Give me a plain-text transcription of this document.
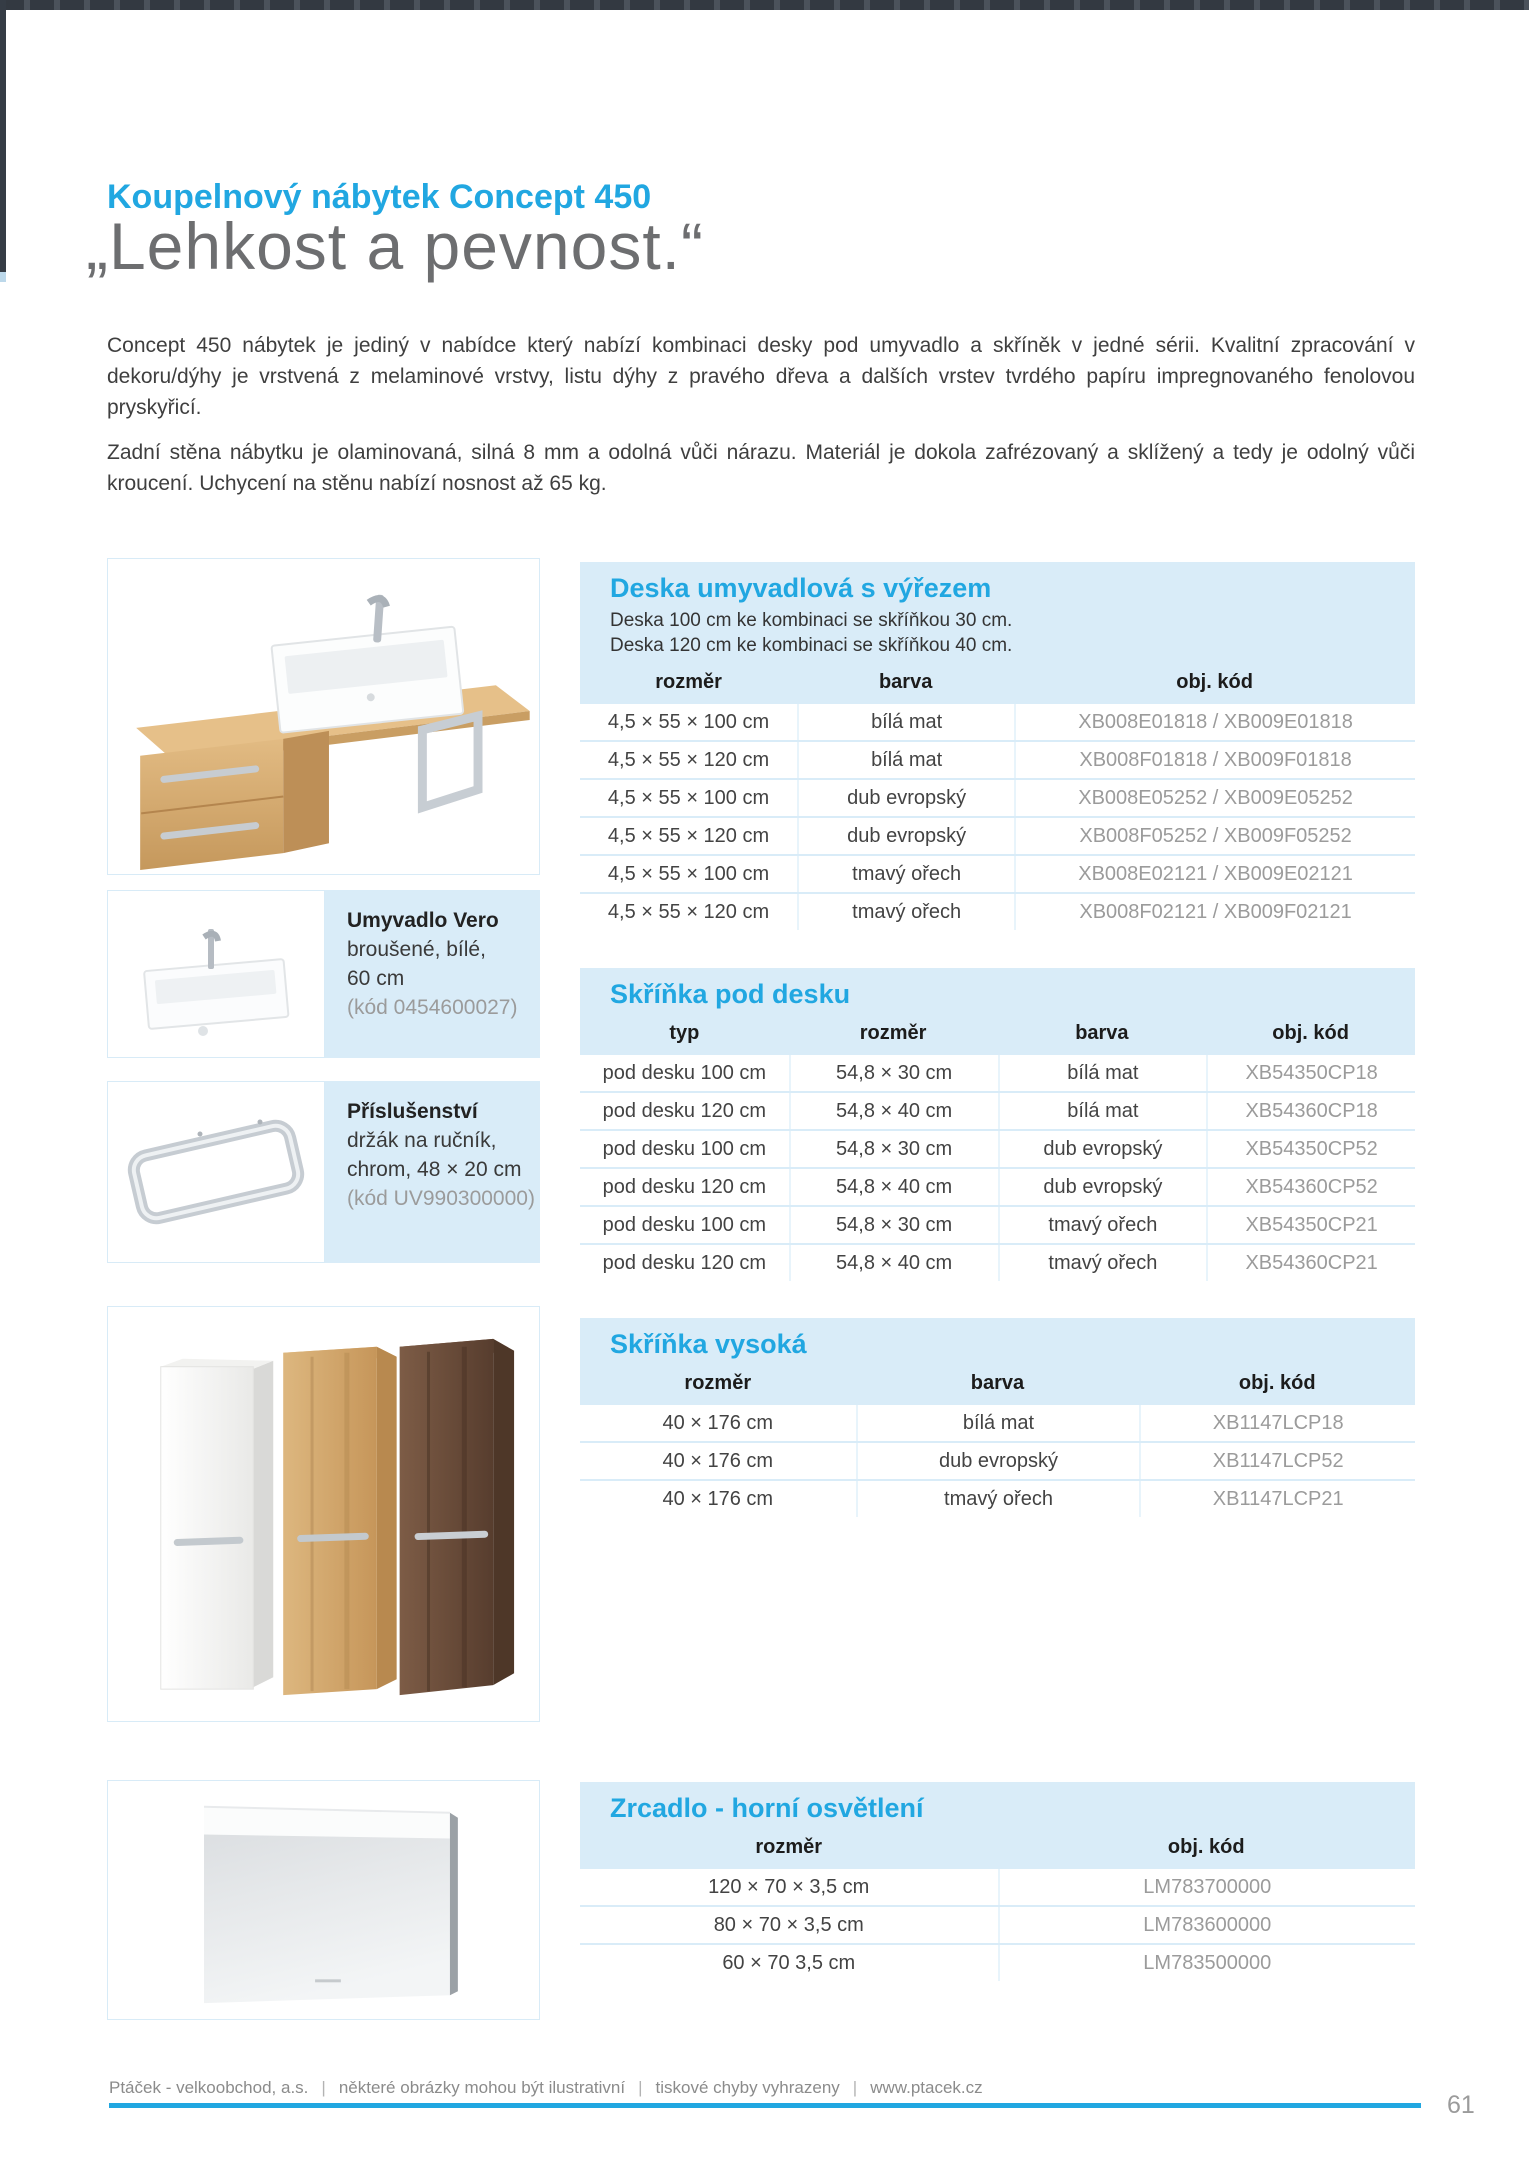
Koupelnový nábytek Concept 450
„Lehkost a pevnost.“

Concept 450 nábytek je jediný v nabídce který nabízí kombinaci desky pod umyvadlo a skříněk v jedné sérii. Kvalitní zpracování v dekoru/dýhy je vrstvená z melaminové vrstvy, listu dýhy z pravého dřeva a dalších vrstev tvrdého papíru impregnovaného fenolovou pryskyřicí.

Zadní stěna nábytku je olaminovaná, silná 8 mm a odolná vůči nárazu. Materiál je dokola zafrézovaný a sklížený a tedy je odolný vůči kroucení. Uchycení na stěnu nabízí nosnost až 65 kg.

Umyvadlo Vero
broušené, bílé,
60 cm
(kód 0454600027)
Příslušenství
držák na ručník,
chrom, 48 × 20 cm
(kód UV990300000)
Deska umyvadlová s výřezem
Deska 100 cm ke kombinaci se skříňkou 30 cm.
Deska 120 cm ke kombinaci se skříňkou 40 cm.
rozměr	barva	obj. kód
4,5 × 55 × 100 cm	bílá mat	XB008E01818 / XB009E01818
4,5 × 55 × 120 cm	bílá mat	XB008F01818 / XB009F01818
4,5 × 55 × 100 cm	dub evropský	XB008E05252 / XB009E05252
4,5 × 55 × 120 cm	dub evropský	XB008F05252 / XB009F05252
4,5 × 55 × 100 cm	tmavý ořech	XB008E02121 / XB009E02121
4,5 × 55 × 120 cm	tmavý ořech	XB008F02121 / XB009F02121
Skříňka pod desku
typ	rozměr	barva	obj. kód
pod desku 100 cm	54,8 × 30 cm	bílá mat	XB54350CP18
pod desku 120 cm	54,8 × 40 cm	bílá mat	XB54360CP18
pod desku 100 cm	54,8 × 30 cm	dub evropský	XB54350CP52
pod desku 120 cm	54,8 × 40 cm	dub evropský	XB54360CP52
pod desku 100 cm	54,8 × 30 cm	tmavý ořech	XB54350CP21
pod desku 120 cm	54,8 × 40 cm	tmavý ořech	XB54360CP21
Skříňka vysoká
rozměr	barva	obj. kód
40 × 176 cm	bílá mat	XB1147LCP18
40 × 176 cm	dub evropský	XB1147LCP52
40 × 176 cm	tmavý ořech	XB1147LCP21
Zrcadlo - horní osvětlení
rozměr	obj. kód
120 × 70 × 3,5 cm	LM783700000
80 × 70 × 3,5 cm	LM783600000
60 × 70 3,5 cm	LM783500000
Ptáček - velkoobchod, a.s. | některé obrázky mohou být ilustrativní | tiskové chyby vyhrazeny | www.ptacek.cz
61
